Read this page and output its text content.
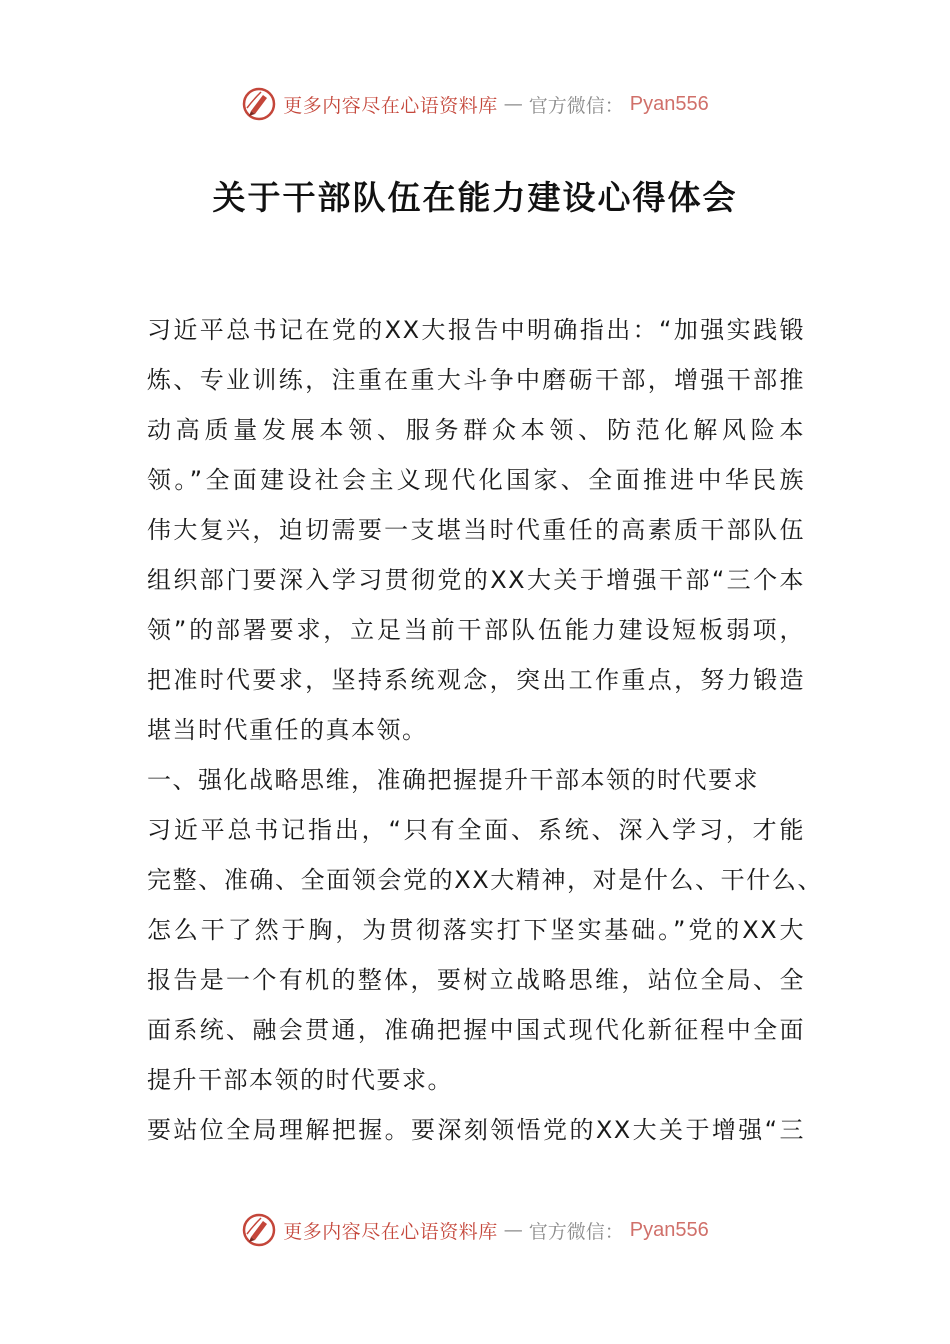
更多内容尽在心语资料库 — 官方微信： Pyan556
关于干部队伍在能力建设心得体会
习近平总书记在党的XX大报告中明确指出：“加强实践锻
炼、专业训练，注重在重大斗争中磨砺干部，增强干部推
动高质量发展本领、服务群众本领、防范化解风险本
领。”全面建设社会主义现代化国家、全面推进中华民族
伟大复兴，迫切需要一支堪当时代重任的高素质干部队伍
组织部门要深入学习贯彻党的XX大关于增强干部“三个本
领”的部署要求，立足当前干部队伍能力建设短板弱项，
把准时代要求，坚持系统观念，突出工作重点，努力锻造
堪当时代重任的真本领。
一、强化战略思维，准确把握提升干部本领的时代要求
习近平总书记指出，“只有全面、系统、深入学习，才能
完整、准确、全面领会党的XX大精神，对是什么、干什么、
怎么干了然于胸，为贯彻落实打下坚实基础。”党的XX大
报告是一个有机的整体，要树立战略思维，站位全局、全
面系统、融会贯通，准确把握中国式现代化新征程中全面
提升干部本领的时代要求。
要站位全局理解把握。要深刻领悟党的XX大关于增强“三
更多内容尽在心语资料库 — 官方微信： Pyan556
